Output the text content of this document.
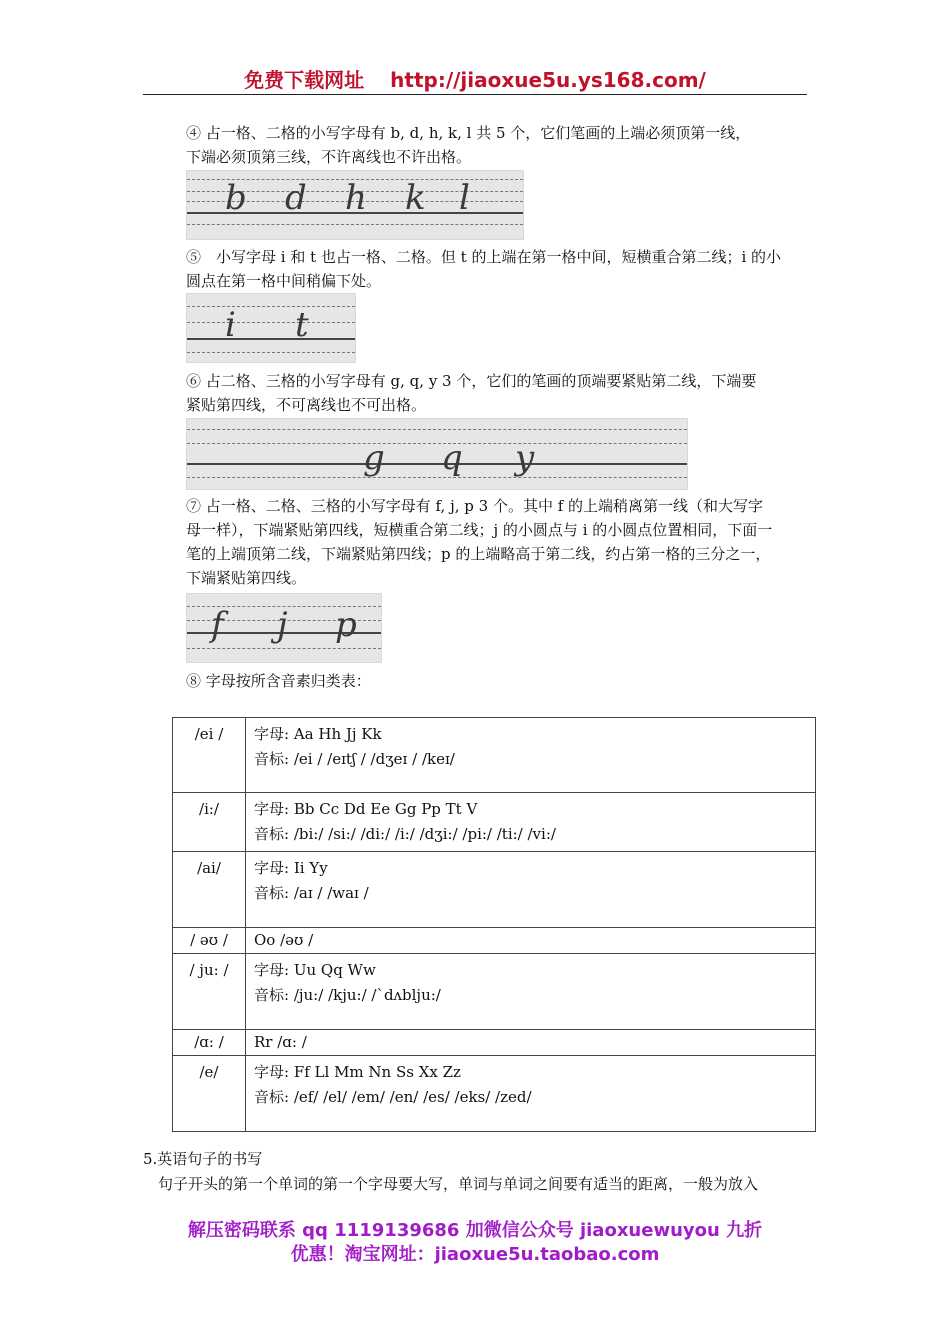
免费下载网址 http://jiaoxue5u.ys168.com/

④ 占一格、二格的小写字母有 b, d, h, k, l 共 5 个，它们笔画的上端必须顶第一线，

下端必须顶第三线，不许离线也不许出格。

b d h k l

⑤　小写字母 i 和 t 也占一格、二格。但 t 的上端在第一格中间，短横重合第二线；i 的小

圆点在第一格中间稍偏下处。

i t

⑥ 占二格、三格的小写字母有 g, q, y 3 个，它们的笔画的顶端要紧贴第二线，下端要

紧贴第四线，不可离线也不可出格。

g q y

⑦ 占一格、二格、三格的小写字母有 f, j, p 3 个。其中 f 的上端稍离第一线（和大写字

母一样），下端紧贴第四线，短横重合第二线；j 的小圆点与 i 的小圆点位置相同，下面一

笔的上端顶第二线，下端紧贴第四线；p 的上端略高于第二线，约占第一格的三分之一，

下端紧贴第四线。

f j p

⑧ 字母按所含音素归类表：

/ei /	字母: Aa Hh Jj Kk
音标: /ei / /eɪtʃ / /dʒeɪ / /keɪ/

/i:/	字母: Bb Cc Dd Ee Gg Pp Tt V
音标: /bi:/ /si:/ /di:/ /i:/ /dʒi:/ /pi:/ /ti:/ /vi:/

/ai/	字母: Ii Yy
音标: /aɪ / /waɪ /

/ əʊ /	Oo /əʊ /

/ ju: /	字母: Uu Qq Ww
音标: /ju:/ /kju:/ /`dʌblju:/

/ɑ: /	Rr /ɑ: /

/e/	字母: Ff Ll Mm Nn Ss Xx Zz
音标: /ef/ /el/ /em/ /en/ /es/ /eks/ /zed/
5.英语句子的书写
　句子开头的第一个单词的第一个字母要大写，单词与单词之间要有适当的距离，一般为放入
解压密码联系 qq 1119139686 加微信公众号 jiaoxuewuyou 九折
优惠！淘宝网址：jiaoxue5u.taobao.com
